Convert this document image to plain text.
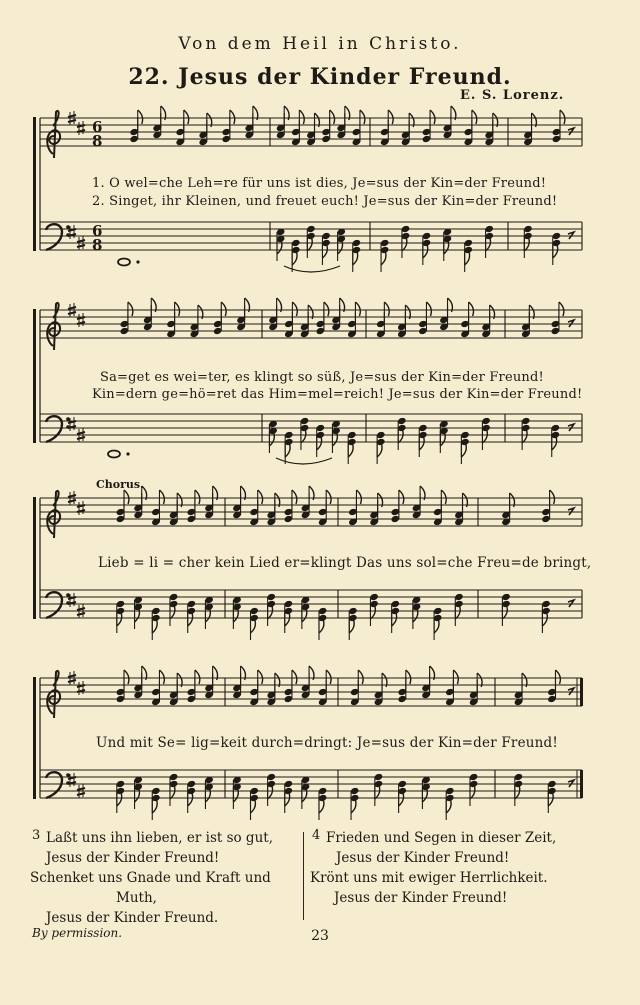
Von dem Heil in Christo.
22. Jesus der Kinder Freund.
E. S. Lorenz.
6
8
6
8
1. O wel=che Leh=re für uns ist dies, Je=sus der Kin=der Freund!
2. Singet, ihr Kleinen, und freuet euch! Je=sus der Kin=der Freund!
Sa=get es wei=ter, es klingt so süß, Je=sus der Kin=der Freund!
Kin=dern ge=hö=ret das Him=mel=reich! Je=sus der Kin=der Freund!
Chorus.
Lieb = li = cher kein Lied er=klingt Das uns sol=che Freu=de bringt,
Und mit Se= lig=keit durch=dringt: Je=sus der Kin=der Freund!
3 Laßt uns ihn lieben, er ist so gut,
Jesus der Kinder Freund!
Schenket uns Gnade und Kraft und
Muth,
Jesus der Kinder Freund.
4 Frieden und Segen in dieser Zeit,
Jesus der Kinder Freund!
Krönt uns mit ewiger Herrlichkeit.
Jesus der Kinder Freund!
By permission.	23
